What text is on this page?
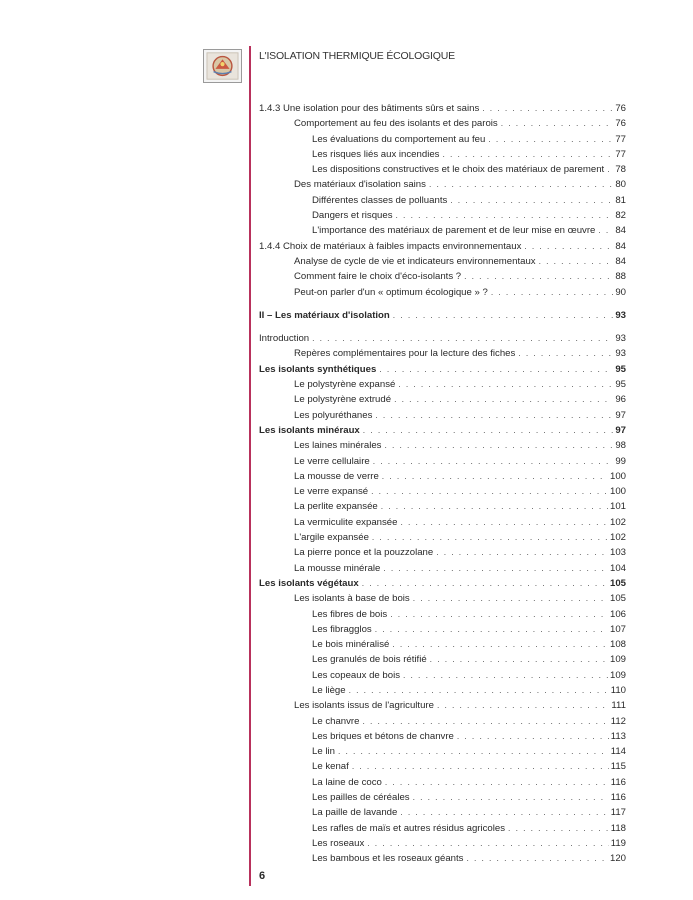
L'ISOLATION THERMIQUE ÉCOLOGIQUE
1.4.3 Une isolation pour des bâtiments sûrs et sains . . .	76
Comportement au feu des isolants et des parois . . .	76
Les évaluations du comportement au feu . . .	77
Les risques liés aux incendies . . .	77
Les dispositions constructives et le choix des matériaux de parement . . .	78
Des matériaux d'isolation sains . . .	80
Différentes classes de polluants . . .	81
Dangers et risques . . .	82
L'importance des matériaux de parement et de leur mise en œuvre . . .	84
1.4.4 Choix de matériaux à faibles impacts environnementaux . . .	84
Analyse de cycle de vie et indicateurs environnementaux . . .	84
Comment faire le choix d'éco-isolants ? . . .	88
Peut-on parler d'un « optimum écologique » ? . . .	90
II – Les matériaux d'isolation . . .	93
Introduction . . .	93
Repères complémentaires pour la lecture des fiches . . .	93
Les isolants synthétiques . . .	95
Le polystyrène expansé . . .	95
Le polystyrène extrudé . . .	96
Les polyuréthanes . . .	97
Les isolants minéraux . . .	97
Les laines minérales . . .	98
Le verre cellulaire . . .	99
La mousse de verre . . .	100
Le verre expansé . . .	100
La perlite expansée . . .	101
La vermiculite expansée . . .	102
L'argile expansée . . .	102
La pierre ponce et la pouzzolane . . .	103
La mousse minérale . . .	104
Les isolants végétaux . . .	105
Les isolants à base de bois . . .	105
Les fibres de bois . . .	106
Les fibragglos . . .	107
Le bois minéralisé . . .	108
Les granulés de bois rétifié . . .	109
Les copeaux de bois . . .	109
Le liège . . .	110
Les isolants issus de l'agriculture . . .	111
Le chanvre . . .	112
Les briques et bétons de chanvre . . .	113
Le lin . . .	114
Le kenaf . . .	115
La laine de coco . . .	116
Les pailles de céréales . . .	116
La paille de lavande . . .	117
Les rafles de maïs et autres résidus agricoles . . .	118
Les roseaux . . .	119
Les bambous et les roseaux géants . . .	120
6
